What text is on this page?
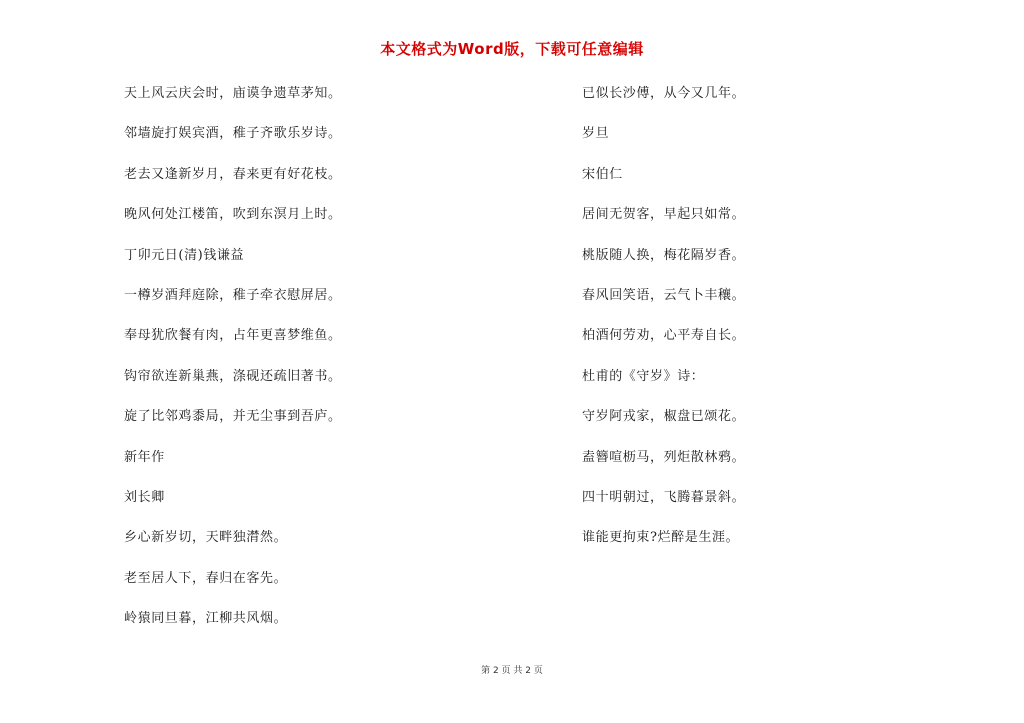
本文格式为Word版，下载可任意编辑
天上风云庆会时，庙谟争遗草茅知。
邻墙旋打娱宾酒，稚子齐歌乐岁诗。
老去又逢新岁月，春来更有好花枝。
晚风何处江楼笛，吹到东溟月上时。
丁卯元日(清)钱谦益
一樽岁酒拜庭除，稚子牵衣慰屏居。
奉母犹欣餐有肉，占年更喜梦维鱼。
钩帘欲连新巢燕，涤砚还疏旧著书。
旋了比邻鸡黍局，并无尘事到吾庐。
新年作
刘长卿
乡心新岁切，天畔独潸然。
老至居人下，春归在客先。
岭猿同旦暮，江柳共风烟。
已似长沙傅，从今又几年。
岁旦
宋伯仁
居间无贺客，早起只如常。
桃版随人换，梅花隔岁香。
春风回笑语，云气卜丰穰。
柏酒何劳劝，心平寿自长。
杜甫的《守岁》诗：
守岁阿戎家，椒盘已颂花。
盍簪喧枥马，列炬散林鸦。
四十明朝过，飞腾暮景斜。
谁能更拘束?烂醉是生涯。
第 2 页 共 2 页
